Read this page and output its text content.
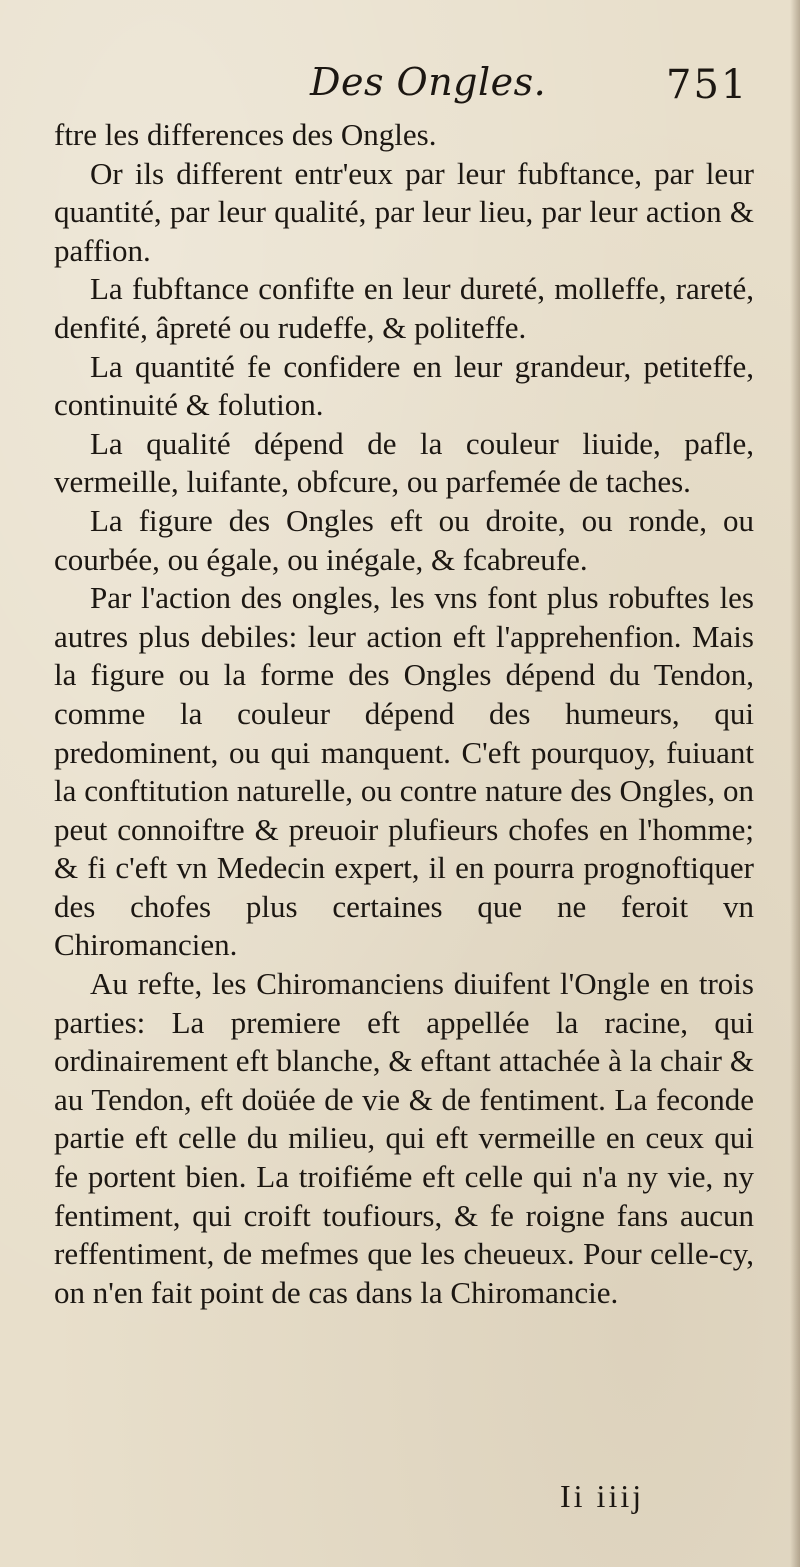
Des Ongles.	751

ftre les differences des Ongles.

Or ils different entr'eux par leur fubftance, par leur quantité, par leur qualité, par leur lieu, par leur action & paffion.

La fubftance confifte en leur dureté, molleffe, rareté, denfité, âpreté ou rudeffe, & politeffe.

La quantité fe confidere en leur grandeur, petiteffe, continuité & folution.

La qualité dépend de la couleur liuide, pafle, vermeille, luifante, obfcure, ou parfemée de taches.

La figure des Ongles eft ou droite, ou ronde, ou courbée, ou égale, ou inégale, & fcabreufe.

Par l'action des ongles, les vns font plus robuftes les autres plus debiles: leur action eft l'apprehenfion. Mais la figure ou la forme des Ongles dépend du Tendon, comme la couleur dépend des humeurs, qui predominent, ou qui manquent. C'eft pourquoy, fuiuant la conftitution naturelle, ou contre nature des Ongles, on peut connoiftre & preuoir plufieurs chofes en l'homme; & fi c'eft vn Medecin expert, il en pourra prognoftiquer des chofes plus certaines que ne feroit vn Chiromancien.

Au refte, les Chiromanciens diuifent l'Ongle en trois parties: La premiere eft appellée la racine, qui ordinairement eft blanche, & eftant attachée à la chair & au Tendon, eft doüée de vie & de fentiment. La feconde partie eft celle du milieu, qui eft vermeille en ceux qui fe portent bien. La troifiéme eft celle qui n'a ny vie, ny fentiment, qui croift toufiours, & fe roigne fans aucun reffentiment, de mefmes que les cheueux. Pour celle-cy, on n'en fait point de cas dans la Chiromancie.

Ii iiij
